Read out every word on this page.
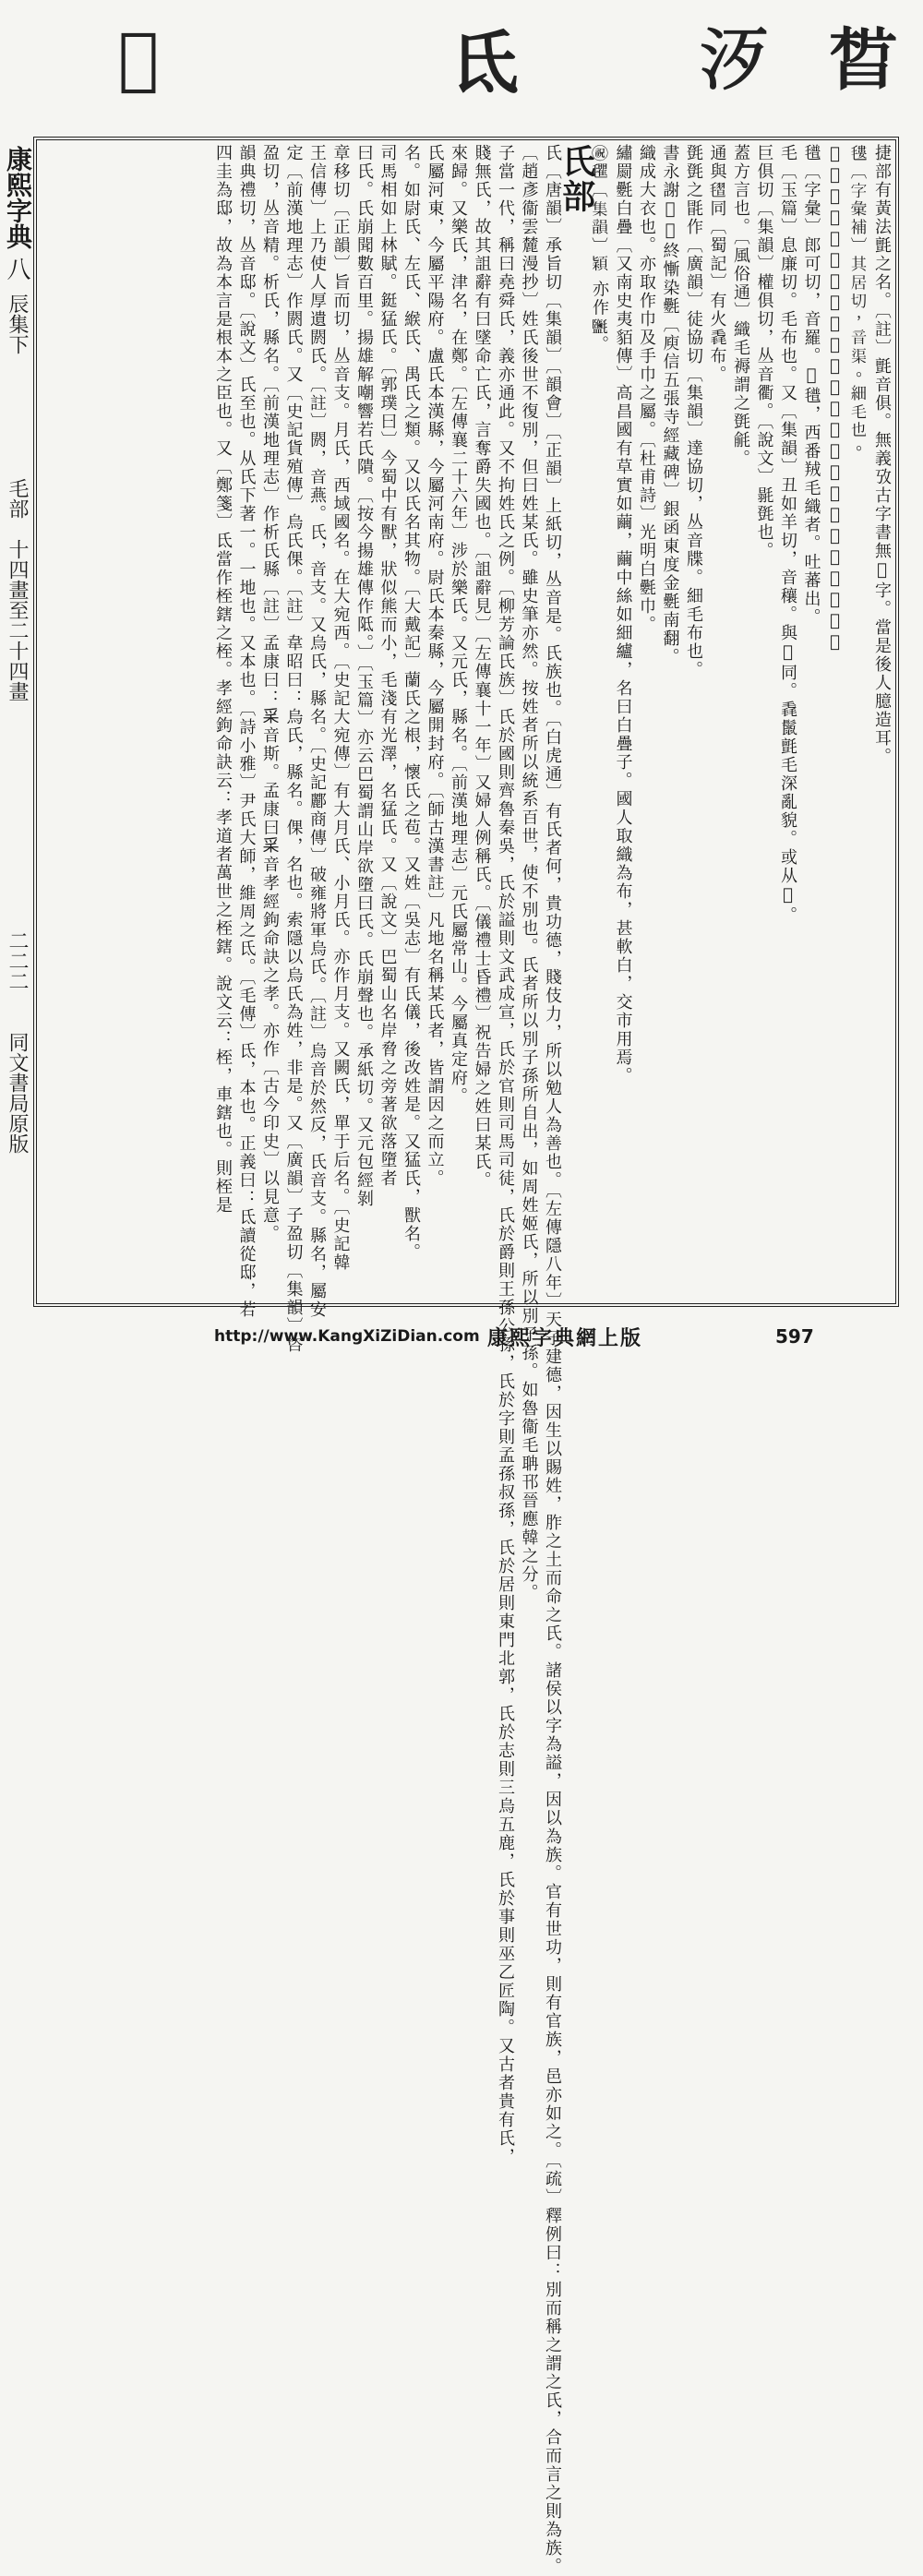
𣇮
𣲠
氐
𢀳
康熙字典
八
辰集下
毛部　十四畫至二十四畫
二二二
同文書局原版
捷部有黃法氈之名。〔註〕氈音俱。無義攷古字書無𣰳字。當是後人臆造耳。
𣯫〔字彙補〕其居切，音渠。細毛也。
㊎𣱊〔集韻〕力涉切，音鬣。毛巤也。或作鬛亦作𩬈。
氆〔字彙〕郎可切，音羅。𣰳氆，西番羢毛織者。吐蕃出。
毛〔玉篇〕息廉切。毛布也。又〔集韻〕丑如羊切，音穰。與𣰳同。毳鬛氈毛深亂貌。或从𣰳。
巨俱切〔集韻〕權俱切，丛音衢。〔說文〕毾㲪也。
蓋方言也。〔風俗通〕織毛褥謂之㲪毹。
通與𣯥同〔蜀記〕有火毳布。
㲪㲪之毷作〔廣韻〕徒協切〔集韻〕達協切，丛音牒。細毛布也。
書永謝𢀳𣰳終慚染氎〔庾信五張寺經藏碑〕銀函東度金氎南翻。
織成大衣也。亦取作巾及手巾之屬。〔杜甫詩〕光明白氎巾。
繡罽氎白疊〔又南史夷貊傳〕高昌國有草實如繭，繭中絲如細纑，名曰白疊子。國人取織為布，甚軟白，交市用焉。
㊗𣰽〔集韻〕穎 亦作𣱄。
氏部
氏〔唐韻〕承旨切〔集韻〕〔韻會〕〔正韻〕上紙切，丛音是。氏族也。〔白虎通〕有氏者何，貴功德，賤伎力，所以勉人為善也。〔左傳隱八年〕天子建德，因生以賜姓，胙之土而命之氏。諸侯以字為謚，因以為族。官有世功，則有官族，邑亦如之。〔疏〕釋例曰：別而稱之謂之氏，合而言之則為族。
〔趙彥衞雲麓漫抄〕姓氏後世不復別，但曰姓某氏。雖史筆亦然。按姓者所以統系百世，使不別也。氏者所以別子孫所自出，如周姓姬氏，所以別子孫。如魯衞毛聃邗晉應韓之分。
子當一代，稱曰堯舜氏，義亦通此。又不拘姓氏之例。〔柳芳論氏族〕氏於國則齊魯秦吳，氏於謚則文武成宣，氏於官則司馬司徒，氏於爵則王孫公孫，氏於字則孟孫叔孫，氏於居則東門北郭，氏於志則三烏五鹿，氏於事則巫乙匠陶。又古者貴有氏，
賤無氏，故其詛辭有曰墜命亡氏，言奪爵失國也。〔詛辭見〕〔左傳襄十一年〕又婦人例稱氏。〔儀禮士昏禮〕祝告婦之姓曰某氏。
來歸。又樂氏，津名，在鄭。〔左傳襄二十六年〕涉於樂氏。又元氏，縣名。〔前漢地理志〕元氏屬常山。今屬真定府。
氏屬河東，今屬平陽府。盧氏本漢縣，今屬河南府。尉氏本秦縣，今屬開封府。〔師古漢書註〕凡地名稱某氏者，皆謂因之而立。
名。如尉氏、左氏、緱氏、禺氏之類。又以氏名其物。〔大戴記〕蘭氏之根，懷氏之苞。又姓〔吳志〕有氏儀，後改姓是。又猛氏，獸名。
司馬相如上林賦。鋌猛氏。〔郭璞曰〕今蜀中有獸，狀似熊而小，毛淺有光澤，名猛氏。又〔說文〕巴蜀山名岸脅之旁著欲落墮者
曰氏。氏崩聞數百里。揚雄解嘲響若氏隤。〔按今揚雄傳作阺。〕〔玉篇〕亦云巴蜀謂山岸欲墮曰氏。氏崩聲也。承紙切。又元包經剝
章移切〔正韻〕旨而切，丛音支。月氏，西域國名。在大宛西。〔史記大宛傳〕有大月氏、小月氏。亦作月支。又闕氏，單于后名。〔史記韓
王信傳〕上乃使人厚遺閼氏。〔註〕閼，音燕。氏，音支。又烏氏，縣名。〔史記酈商傳〕破雍將軍烏氏。〔註〕烏音於然反，氏音支。縣名，屬安
定〔前漢地理志〕作閼氏。又〔史記貨殖傳〕烏氏倮。〔註〕韋昭曰：烏氏，縣名。倮，名也。索隱以烏氏為姓，非是。又〔廣韻〕子盈切〔集韻〕咨
盈切，丛音精。析氏，縣名。〔前漢地理志〕作析氏縣〔註〕孟康曰：𥝩音斯。孟康曰𥝩音孝經鉤命訣之孝。亦作〔古今印史〕以見意。
韻典禮切，丛音邸。〔說文〕氏至也。从氏下著一。一地也。又本也。〔詩小雅〕尹氏大師，維周之氐。〔毛傳〕氐，本也。正義曰：氐讀從邸，若
四圭為邸，故為本言是根本之臣也。又〔鄭箋〕氐當作桎鎋之桎。孝經鉤命訣云：孝道者萬世之桎鎋。說文云：桎，車鎋也。則桎是
http://www.KangXiZiDian.com 康熙字典網上版	597
